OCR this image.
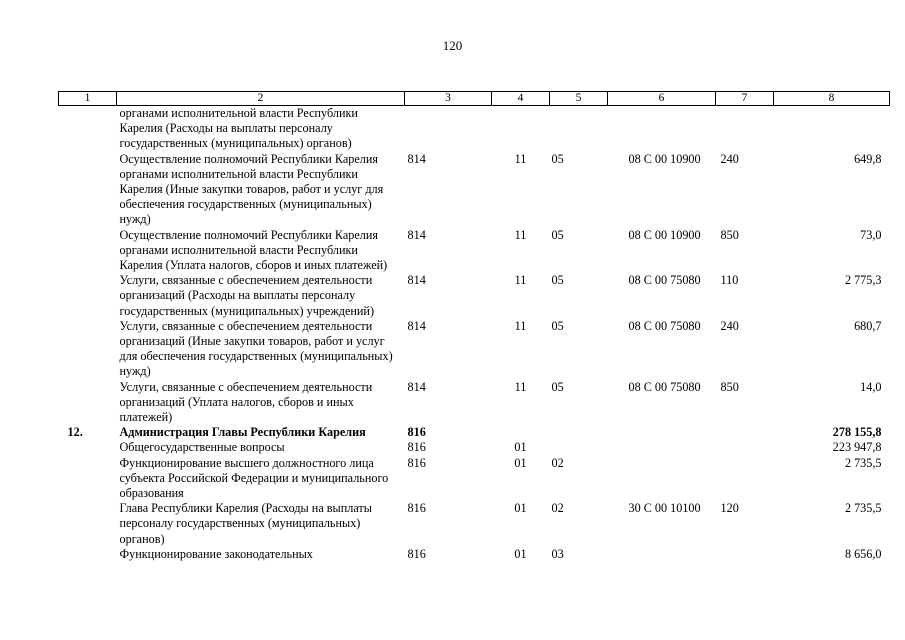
120
1	2	3	4	5	6	7	8
	органами исполнительной власти Республики Карелия (Расходы на выплаты персоналу государственных (муниципальных) органов)						
	Осуществление полномочий Республики Карелия органами исполнительной власти Республики Карелия (Иные закупки товаров, работ и услуг для обеспечения государственных (муниципальных) нужд)	814	11	05	08 С 00 10900	240	649,8
	Осуществление полномочий Республики Карелия органами исполнительной власти Республики Карелия (Уплата налогов, сборов и иных платежей)	814	11	05	08 С 00 10900	850	73,0
	Услуги, связанные с обеспечением деятельности организаций (Расходы на выплаты персоналу государственных (муниципальных) учреждений)	814	11	05	08 С 00 75080	110	2 775,3
	Услуги, связанные с обеспечением деятельности организаций (Иные закупки товаров, работ и услуг для обеспечения государственных (муниципальных) нужд)	814	11	05	08 С 00 75080	240	680,7
	Услуги, связанные с обеспечением деятельности организаций (Уплата налогов, сборов и иных платежей)	814	11	05	08 С 00 75080	850	14,0
12.	Администрация Главы Республики Карелия	816					278 155,8
	Общегосударственные вопросы	816	01				223 947,8
	Функционирование высшего должностного лица субъекта Российской Федерации и муниципального образования	816	01	02			2 735,5
	Глава Республики Карелия (Расходы на выплаты персоналу государственных (муниципальных) органов)	816	01	02	30 С 00 10100	120	2 735,5
	Функционирование законодательных	816	01	03			8 656,0
